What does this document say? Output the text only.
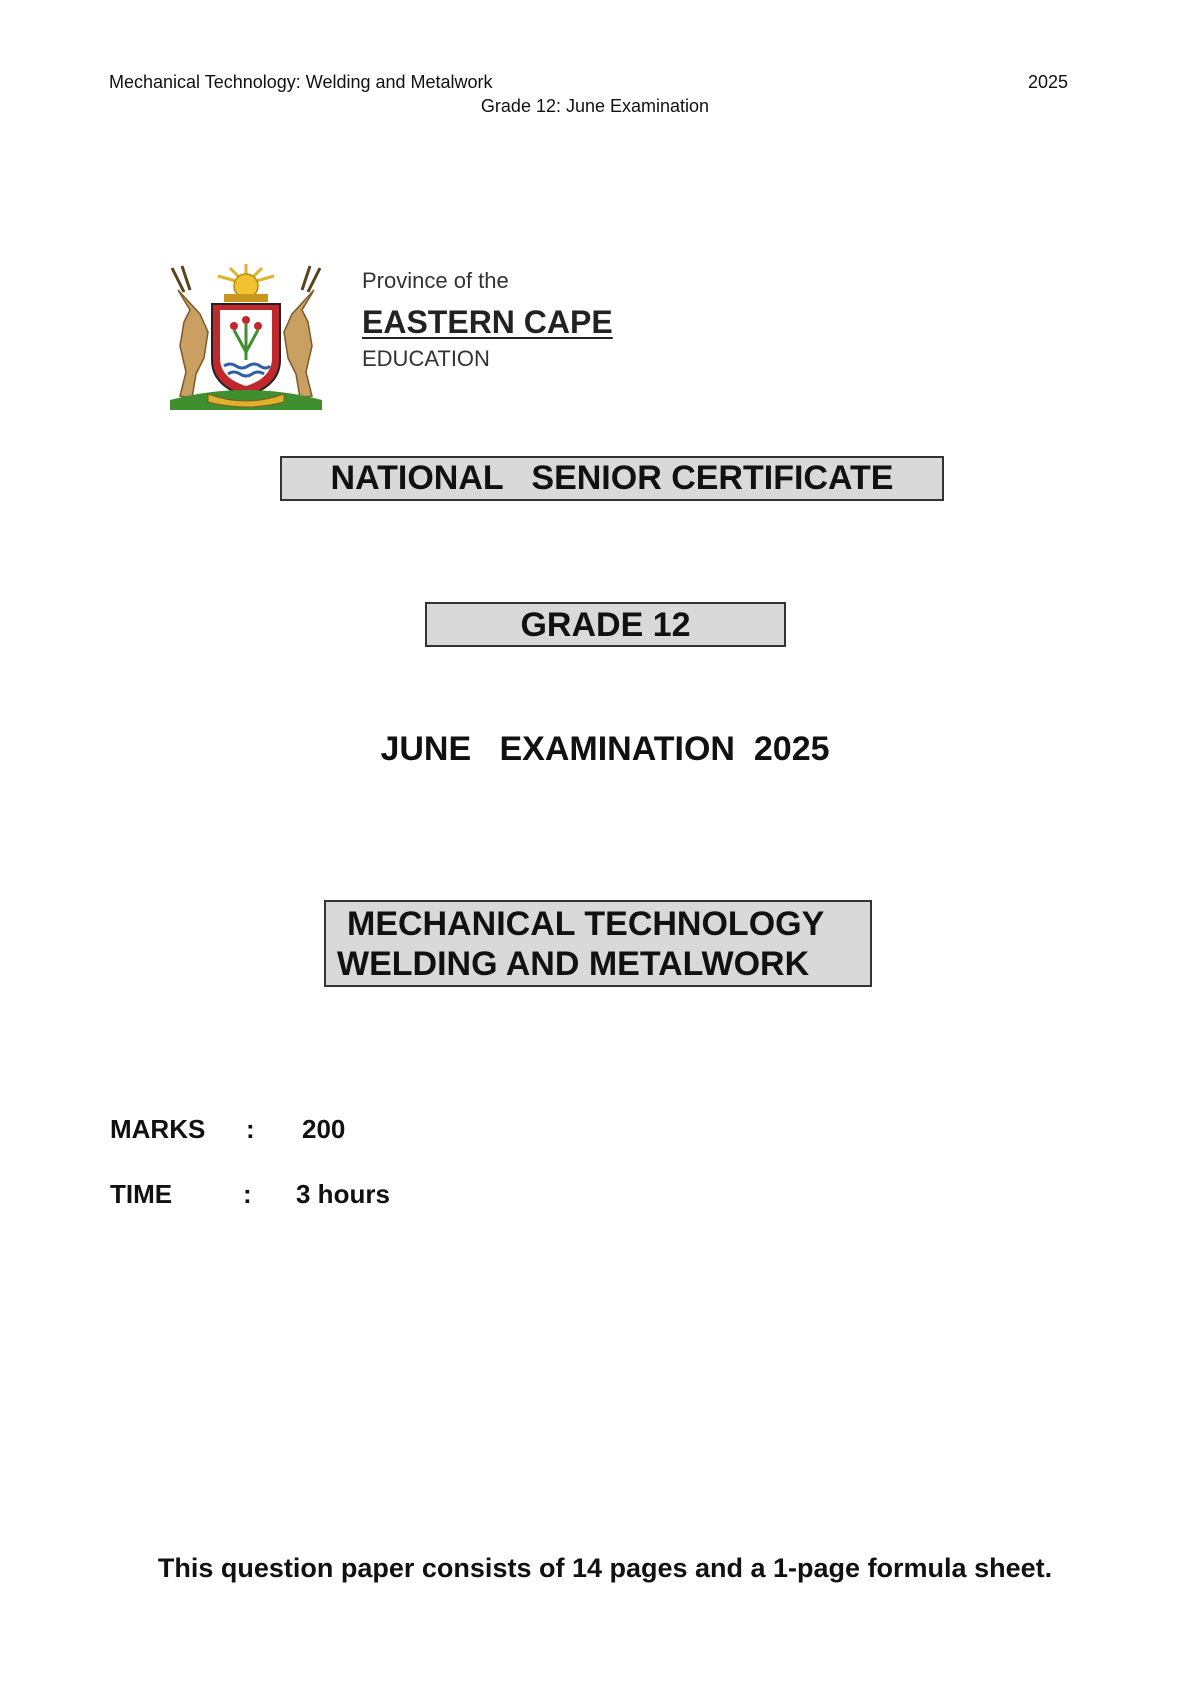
Mechanical Technology: Welding and Metalwork	2025
Grade 12: June Examination
Province of the
EASTERN CAPE
EDUCATION
NATIONAL   SENIOR CERTIFICATE
GRADE 12
JUNE   EXAMINATION  2025
MECHANICAL TECHNOLOGY
WELDING AND METALWORK
MARKS : 200
TIME	: 3 hours
This question paper consists of 14 pages and a 1-page formula sheet.
